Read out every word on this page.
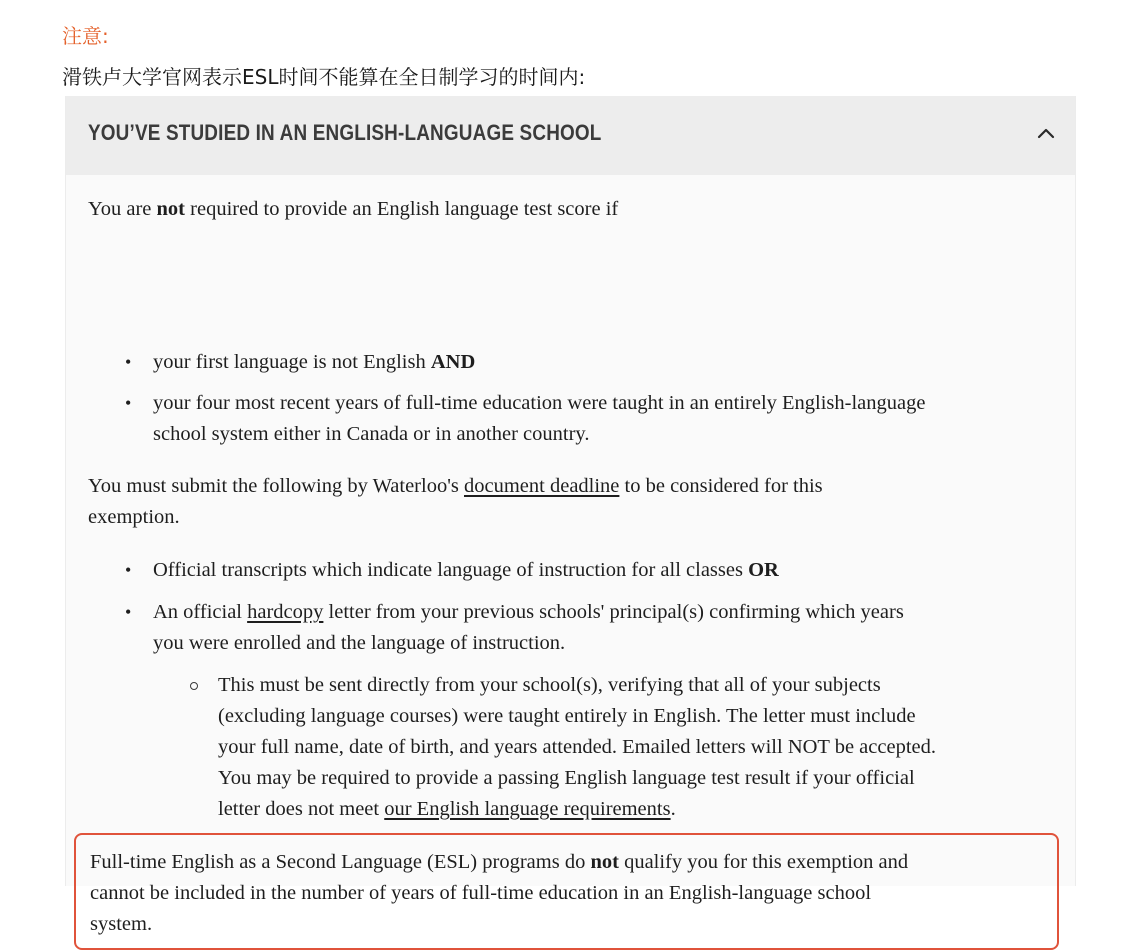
注意:
滑铁卢大学官网表示ESL时间不能算在全日制学习的时间内:
YOU’VE STUDIED IN AN ENGLISH-LANGUAGE SCHOOL
You are not required to provide an English language test score if
• your first language is not English AND
• your four most recent years of full-time education were taught in an entirely English-language
school system either in Canada or in another country.
You must submit the following by Waterloo's document deadline to be considered for this
exemption.
• Official transcripts which indicate language of instruction for all classes OR
• An official hardcopy letter from your previous schools' principal(s) confirming which years
you were enrolled and the language of instruction.
This must be sent directly from your school(s), verifying that all of your subjects
(excluding language courses) were taught entirely in English. The letter must include
your full name, date of birth, and years attended. Emailed letters will NOT be accepted.
You may be required to provide a passing English language test result if your official
letter does not meet our English language requirements.
Full-time English as a Second Language (ESL) programs do not qualify you for this exemption and
cannot be included in the number of years of full-time education in an English-language school
system.
